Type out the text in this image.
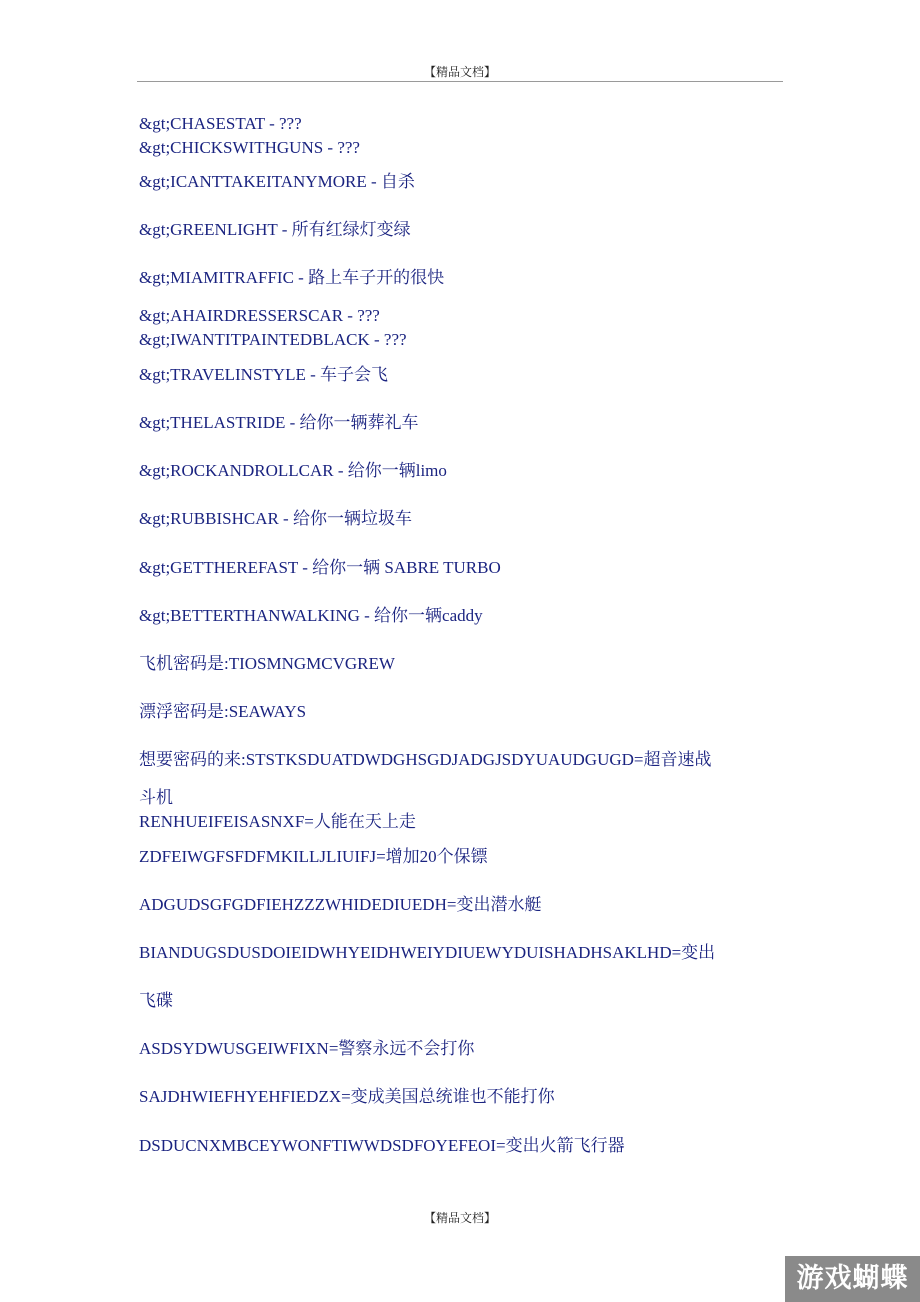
【精品文档】
&gt;CHASESTAT - ???
&gt;CHICKSWITHGUNS - ???
&gt;ICANTTAKEITANYMORE - 自杀
&gt;GREENLIGHT - 所有红绿灯变绿
&gt;MIAMITRAFFIC - 路上车子开的很快
&gt;AHAIRDRESSERSCAR - ???
&gt;IWANTITPAINTEDBLACK - ???
&gt;TRAVELINSTYLE - 车子会飞
&gt;THELASTRIDE - 给你一辆葬礼车
&gt;ROCKANDROLLCAR - 给你一辆limo
&gt;RUBBISHCAR - 给你一辆垃圾车
&gt;GETTHEREFAST - 给你一辆 SABRE TURBO
&gt;BETTERTHANWALKING - 给你一辆caddy
飞机密码是:TIOSMNGMCVGREW
漂浮密码是:SEAWAYS
想要密码的来:STSTKSDUATDWDGHSGDJADGJSDYUAUDGUGD=超音速战
斗机
RENHUEIFEISASNXF=人能在天上走
ZDFEIWGFSFDFMKILLJLIUIFJ=增加20个保镖
ADGUDSGFGDFIEHZZZWHIDEDIUEDH=变出潜水艇
BIANDUGSDUSDOIEIDWHYEIDHWEIYDIUEWYDUISHADHSAKLHD=变出
飞碟
ASDSYDWUSGEIWFIXN=警察永远不会打你
SAJDHWIEFHYEHFIEDZX=变成美国总统谁也不能打你
DSDUCNXMBCEYWONFTIWWDSDFOYEFEOI=变出火箭飞行器
【精品文档】
游戏蝴蝶
